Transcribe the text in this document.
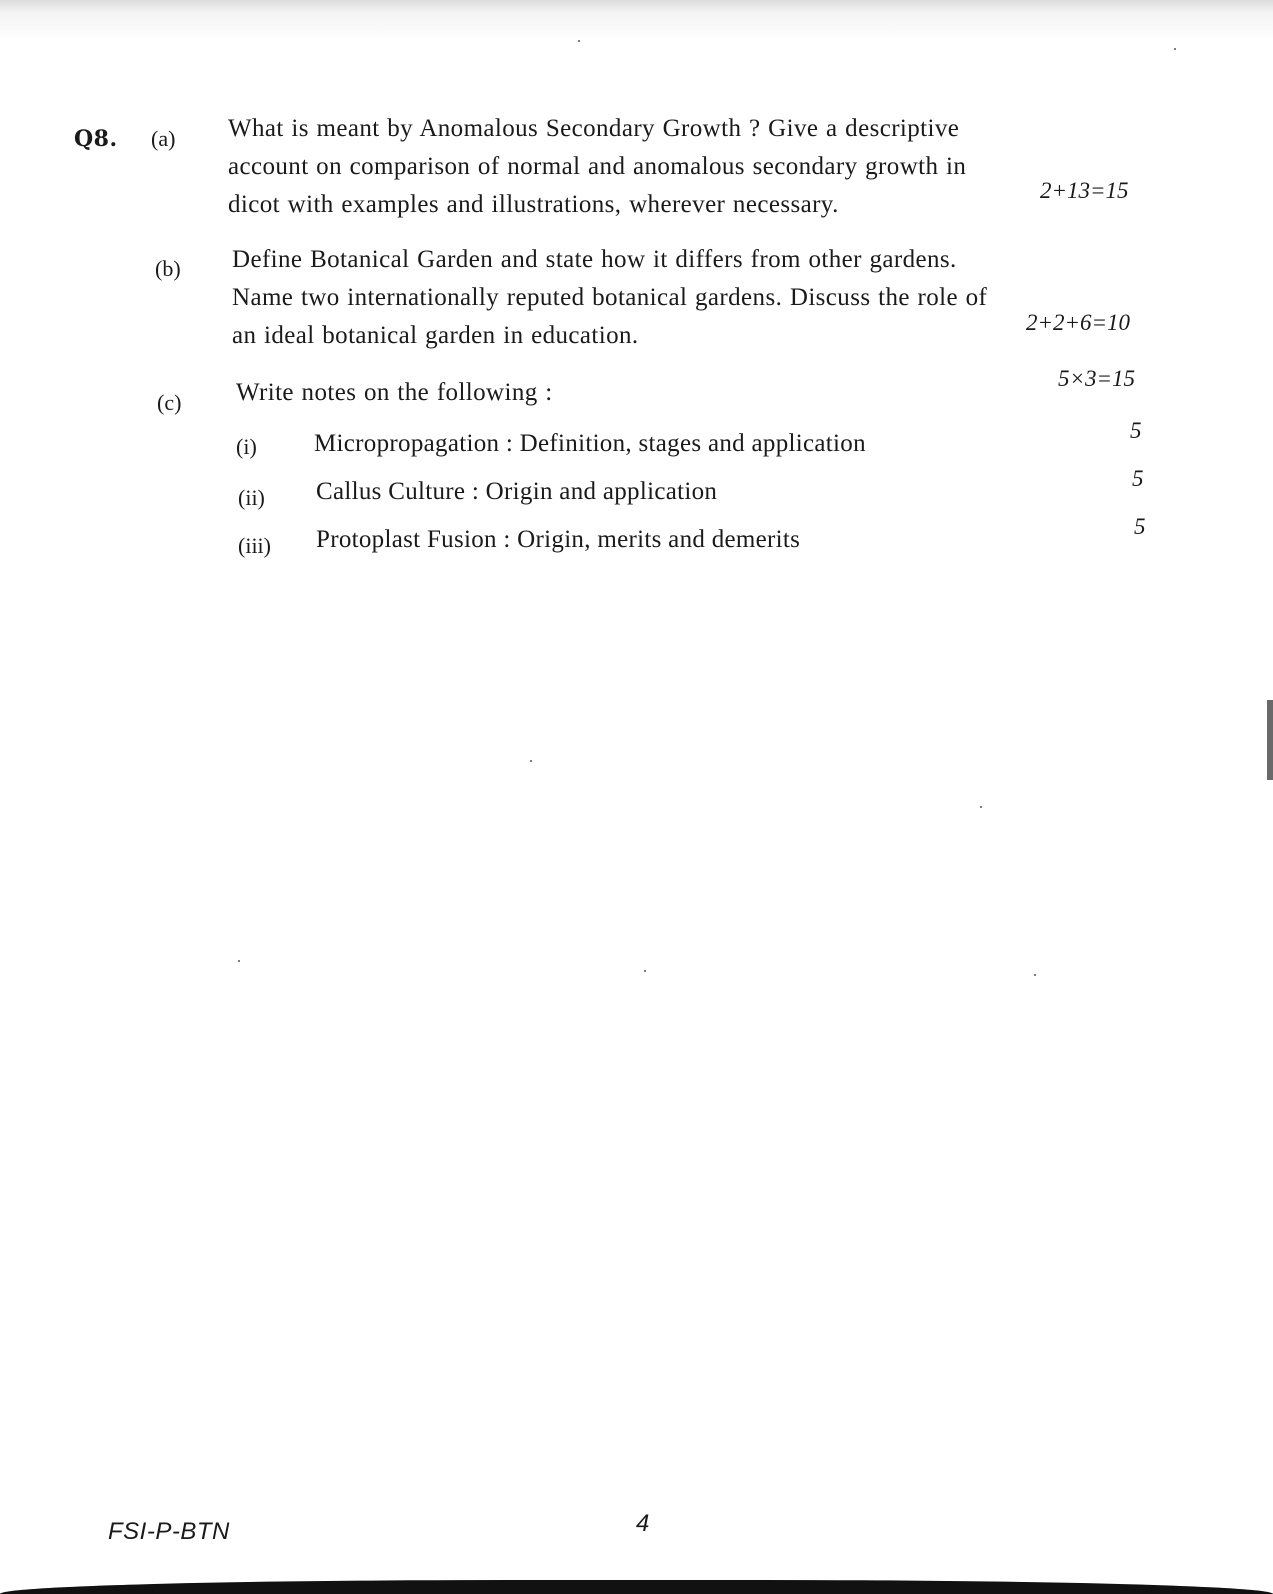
Q8. (a) What is meant by Anomalous Secondary Growth ? Give a descriptive
account on comparison of normal and anomalous secondary growth in
dicot with examples and illustrations, wherever necessary.
2+13=15
(b) Define Botanical Garden and state how it differs from other gardens.
Name two internationally reputed botanical gardens. Discuss the role of
an ideal botanical garden in education.	2+2+6=10
(c) Write notes on the following :
5×3=15
(i) Micropropagation : Definition, stages and application	5
(ii) Callus Culture : Origin and application	5
(iii) Protoplast Fusion : Origin, merits and demerits	5
FSI-P-BTN	4
